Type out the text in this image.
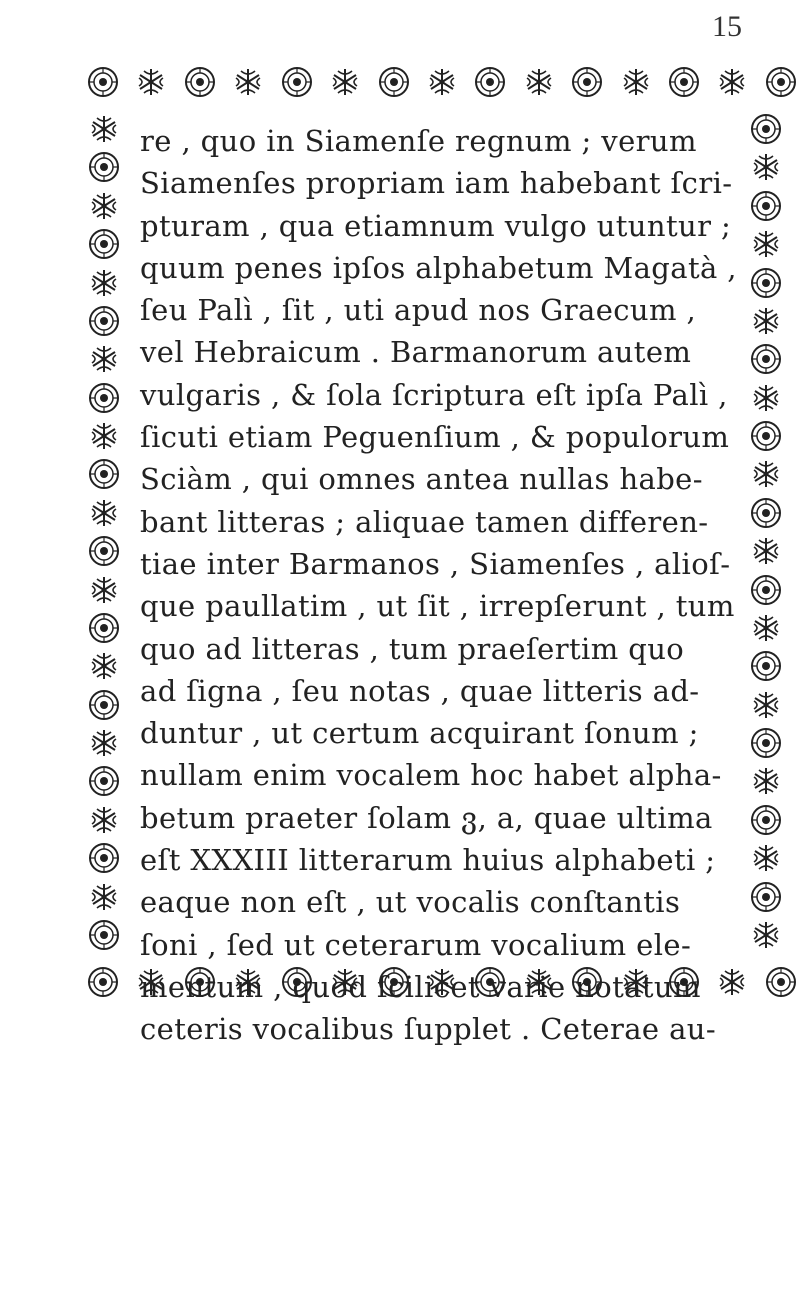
15
re , quo in Siamenſe regnum ; verum
Siamenſes propriam iam habebant ſcri-
pturam , qua etiamnum vulgo utuntur ;
quum penes ipſos alphabetum Magatà ,
ſeu Palì , ſit , uti apud nos Graecum ,
vel Hebraicum . Barmanorum autem
vulgaris , & ſola ſcriptura eſt ipſa Palì ,
ſicuti etiam Peguenſium , & populorum
Sciàm , qui omnes antea nullas habe-
bant litteras ; aliquae tamen differen-
tiae inter Barmanos , Siamenſes , alioſ-
que paullatim , ut ſit , irrepſerunt , tum
quo ad litteras , tum praeſertim quo
ad ſigna , ſeu notas , quae litteris ad-
duntur , ut certum acquirant ſonum ;
nullam enim vocalem hoc habet alpha-
betum praeter ſolam ვ, a, quae ultima
eſt XXXIII litterarum huius alphabeti ;
eaque non eſt , ut vocalis conſtantis
ſoni , ſed ut ceterarum vocalium ele-
mentum , quod ſcilicet varie notatum
ceteris vocalibus ſupplet . Ceterae au-
